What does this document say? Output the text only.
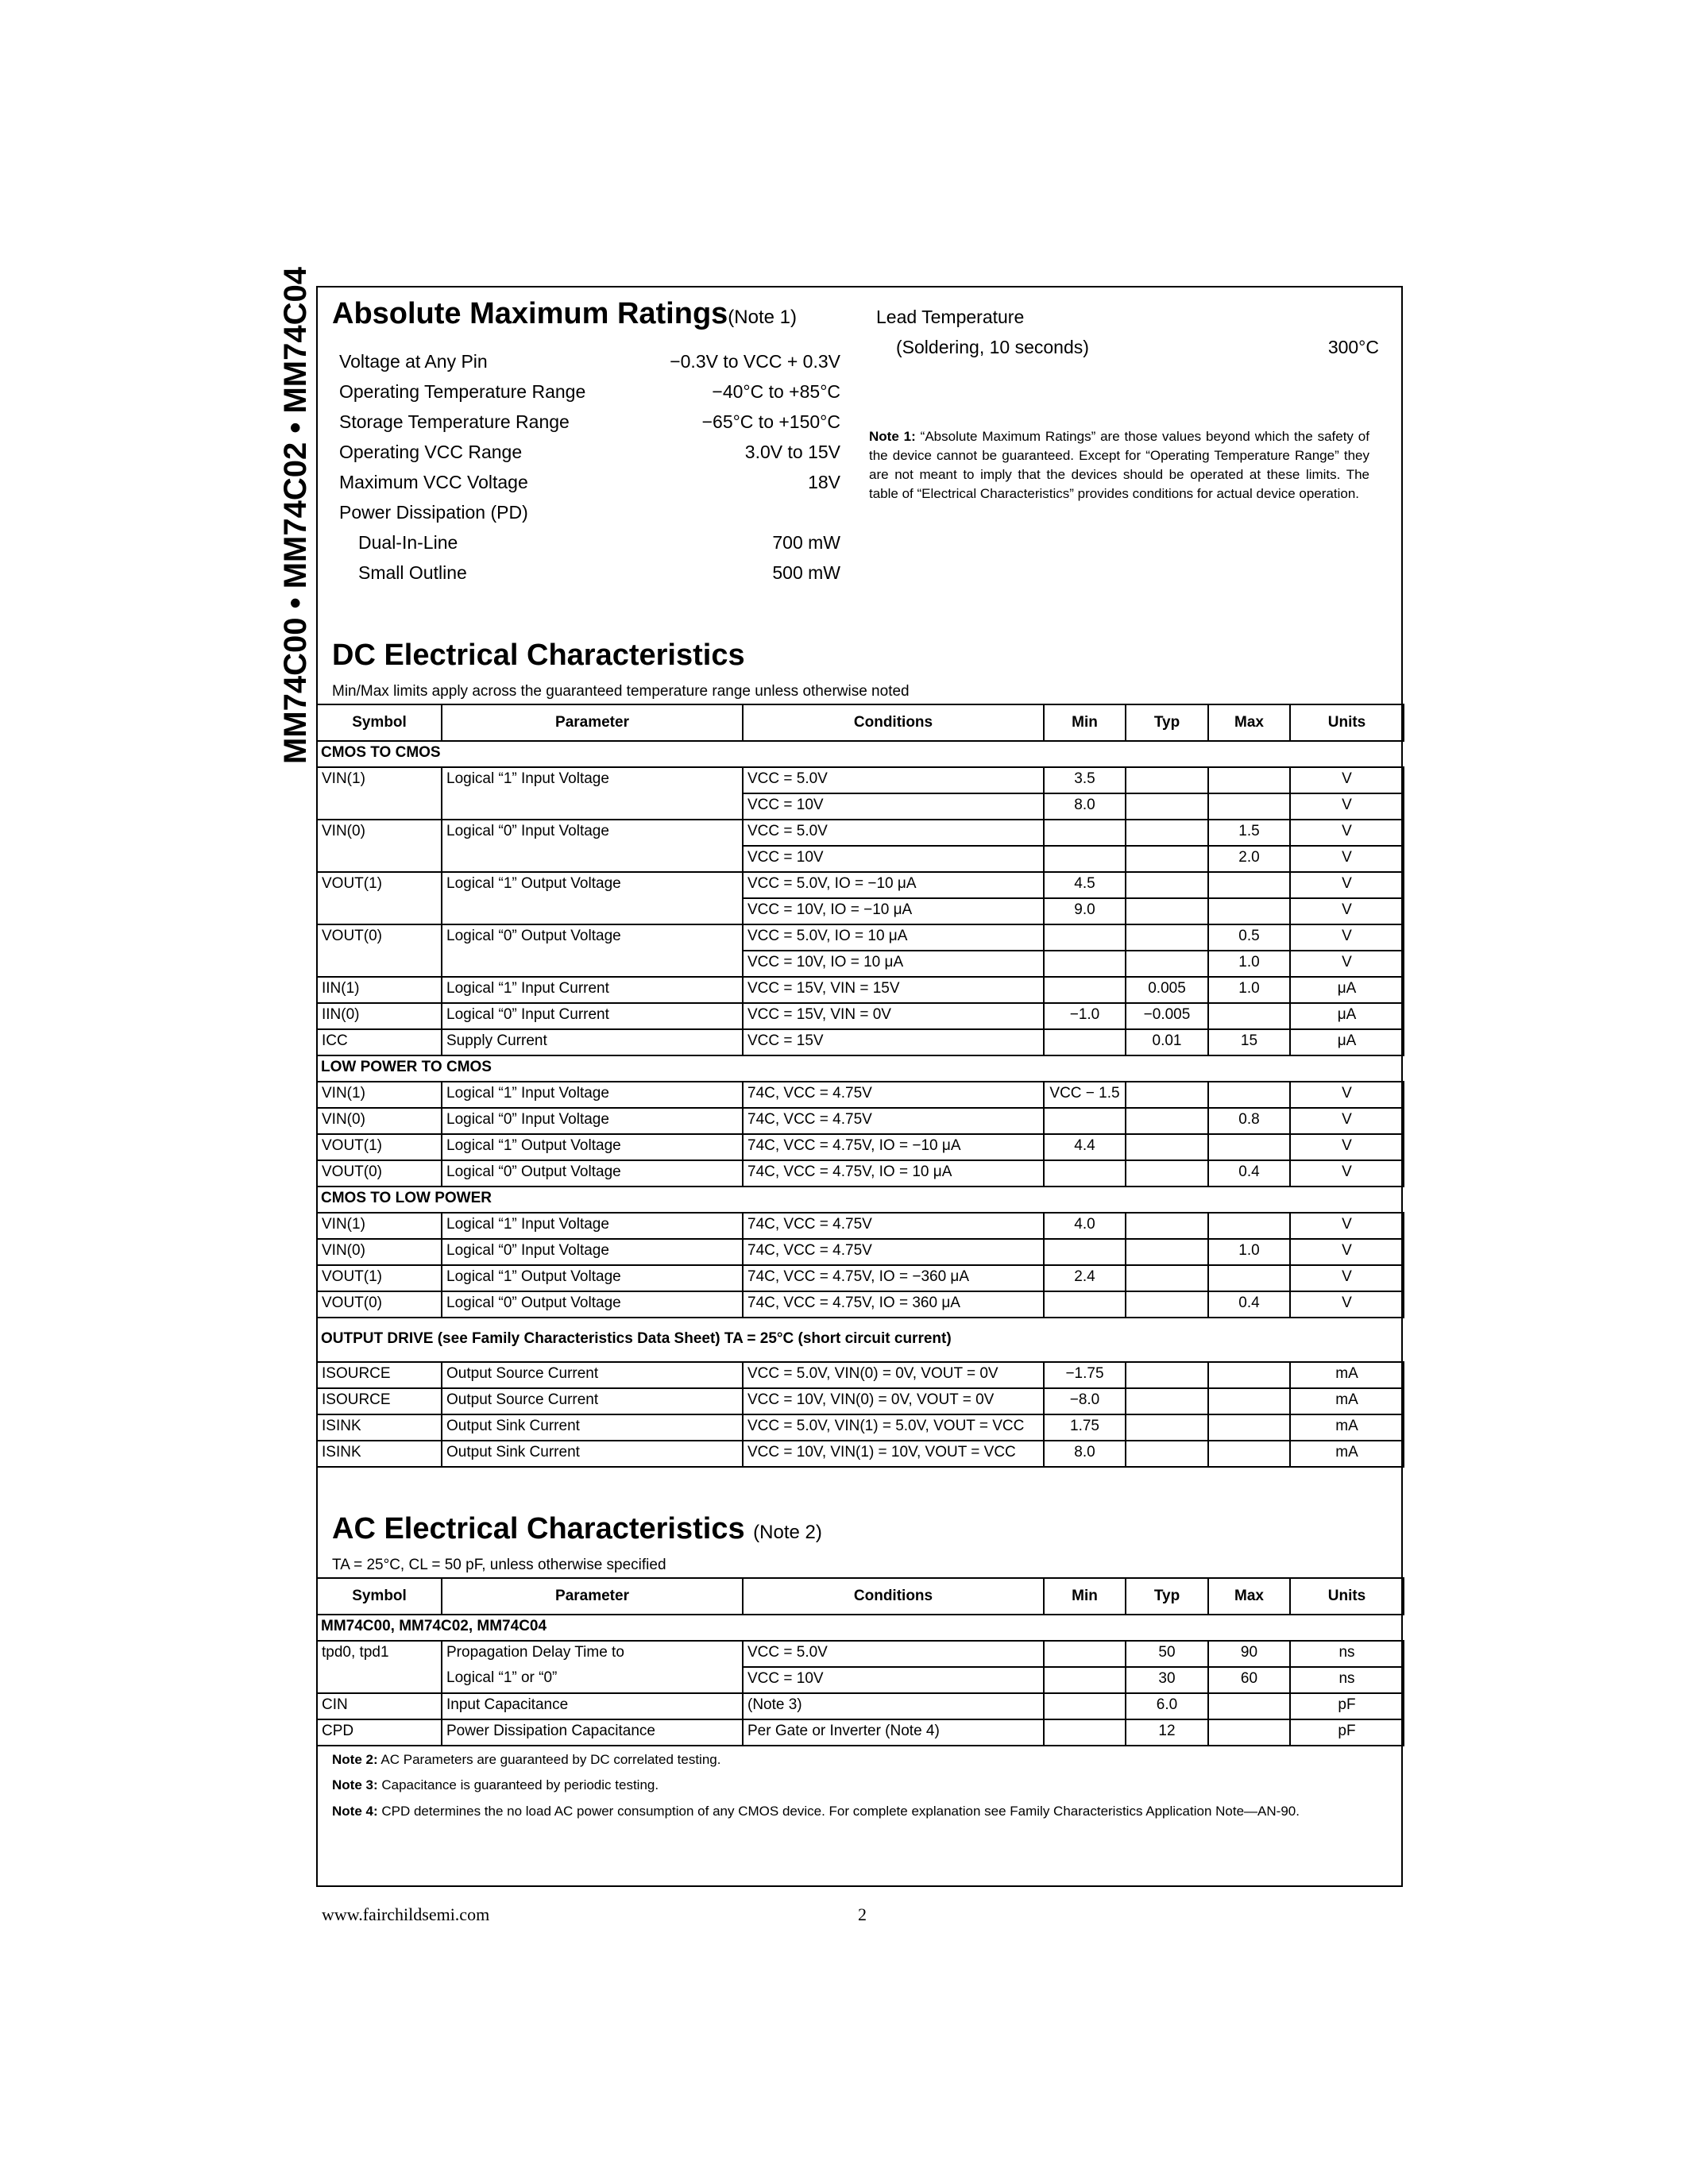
MM74C00 • MM74C02 • MM74C04 Absolute Maximum Ratings(Note 1)
Voltage at Any Pin	−0.3V to VCC + 0.3V
Operating Temperature Range	−40°C to +85°C
Storage Temperature Range	−65°C to +150°C
Operating VCC Range	3.0V to 15V
Maximum VCC Voltage	18V
Power Dissipation (PD)
Dual-In-Line	700 mW
Small Outline	500 mW
Lead Temperature
(Soldering, 10 seconds)	300°C
Note 1: “Absolute Maximum Ratings” are those values beyond which the safety of the device cannot be guaranteed. Except for “Operating Temperature Range” they are not meant to imply that the devices should be operated at these limits. The table of “Electrical Characteristics” provides conditions for actual device operation.
DC Electrical Characteristics
Min/Max limits apply across the guaranteed temperature range unless otherwise noted
Symbol	Parameter	Conditions	Min	Typ	Max	Units
CMOS TO CMOS						
VIN(1)	Logical “1” Input Voltage	VCC = 5.0V	3.5			V
		VCC = 10V	8.0			V
VIN(0)	Logical “0” Input Voltage	VCC = 5.0V			1.5	V
		VCC = 10V			2.0	V
VOUT(1)	Logical “1” Output Voltage	VCC = 5.0V, IO = −10 μA	4.5			V
		VCC = 10V, IO = −10 μA	9.0			V
VOUT(0)	Logical “0” Output Voltage	VCC = 5.0V, IO = 10 μA			0.5	V
		VCC = 10V, IO = 10 μA			1.0	V
IIN(1)	Logical “1” Input Current	VCC = 15V, VIN = 15V		0.005	1.0	μA
IIN(0)	Logical “0” Input Current	VCC = 15V, VIN = 0V	−1.0	−0.005		μA
ICC	Supply Current	VCC = 15V		0.01	15	μA
LOW POWER TO CMOS						
VIN(1)	Logical “1” Input Voltage	74C, VCC = 4.75V	VCC − 1.5			V
VIN(0)	Logical “0” Input Voltage	74C, VCC = 4.75V			0.8	V
VOUT(1)	Logical “1” Output Voltage	74C, VCC = 4.75V, IO = −10 μA	4.4			V
VOUT(0)	Logical “0” Output Voltage	74C, VCC = 4.75V, IO = 10 μA			0.4	V
CMOS TO LOW POWER						
VIN(1)	Logical “1” Input Voltage	74C, VCC = 4.75V	4.0			V
VIN(0)	Logical “0” Input Voltage	74C, VCC = 4.75V			1.0	V
VOUT(1)	Logical “1” Output Voltage	74C, VCC = 4.75V, IO = −360 μA	2.4			V
VOUT(0)	Logical “0” Output Voltage	74C, VCC = 4.75V, IO = 360 μA			0.4	V
OUTPUT DRIVE (see Family Characteristics Data Sheet) TA = 25°C (short circuit current)						
ISOURCE	Output Source Current	VCC = 5.0V, VIN(0) = 0V, VOUT = 0V	−1.75			mA
ISOURCE	Output Source Current	VCC = 10V, VIN(0) = 0V, VOUT = 0V	−8.0			mA
ISINK	Output Sink Current	VCC = 5.0V, VIN(1) = 5.0V, VOUT = VCC	1.75			mA
ISINK	Output Sink Current	VCC = 10V, VIN(1) = 10V, VOUT = VCC	8.0			mA
AC Electrical Characteristics (Note 2)
TA = 25°C, CL = 50 pF, unless otherwise specified
Symbol	Parameter	Conditions	Min	Typ	Max	Units
MM74C00, MM74C02, MM74C04						
tpd0, tpd1	Propagation Delay Time to	VCC = 5.0V		50	90	ns
	Logical “1” or “0”	VCC = 10V		30	60	ns
CIN	Input Capacitance	(Note 3)		6.0		pF
CPD	Power Dissipation Capacitance	Per Gate or Inverter (Note 4)		12		pF
Note 2: AC Parameters are guaranteed by DC correlated testing.
Note 3: Capacitance is guaranteed by periodic testing.
Note 4: CPD determines the no load AC power consumption of any CMOS device. For complete explanation see Family Characteristics Application Note—AN-90.
www.fairchildsemi.com	2
